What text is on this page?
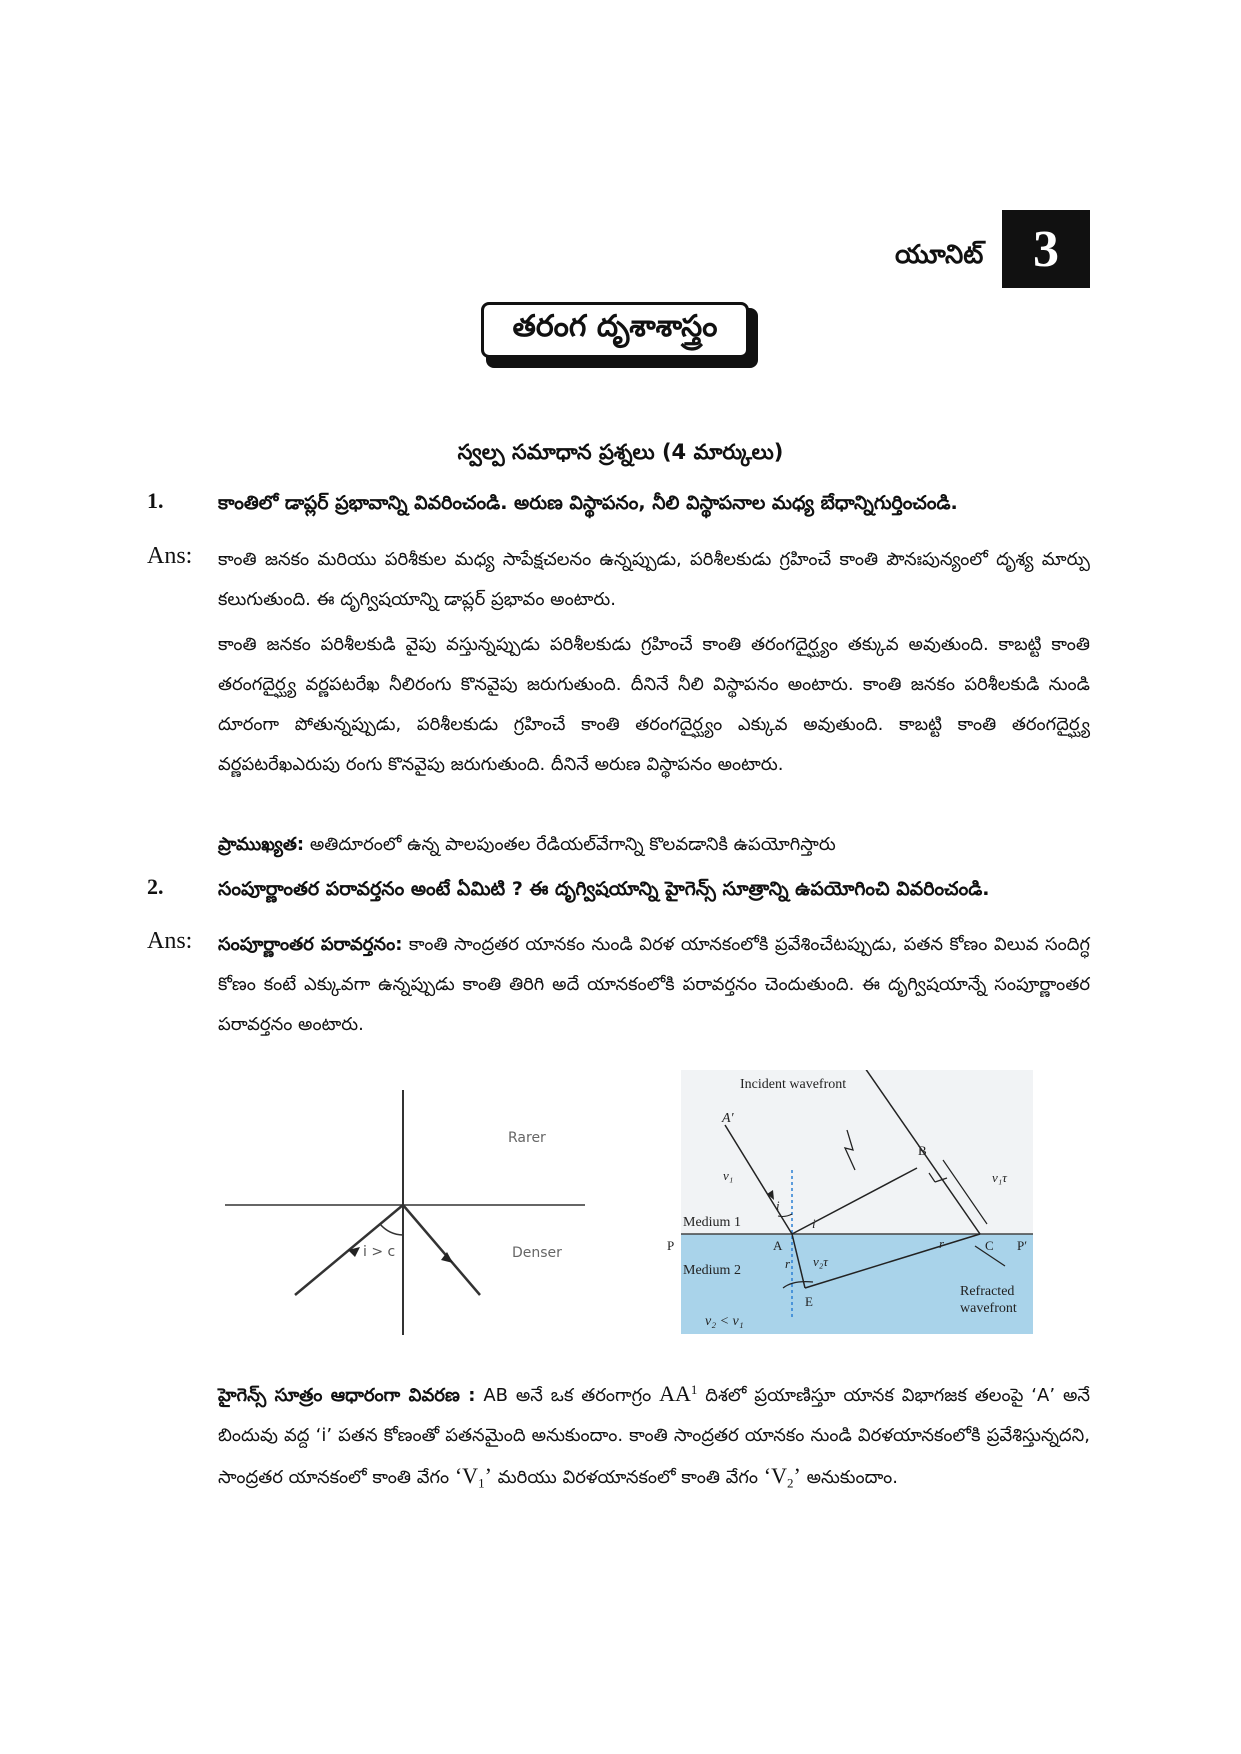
యూనిట్ 3
తరంగ దృశాశాస్త్రం
స్వల్ప సమాధాన ప్రశ్నలు (4 మార్కులు)
1.	కాంతిలో డాప్లర్ ప్రభావాన్ని వివరించండి. అరుణ విస్థాపనం, నీలి విస్థాపనాల మధ్య బేధాన్నిగుర్తించండి.
Ans: కాంతి జనకం మరియు పరిశీకుల మధ్య సాపేక్షచలనం ఉన్నప్పుడు, పరిశీలకుడు గ్రహించే కాంతి పౌనఃపున్యంలో దృశ్య మార్పు కలుగుతుంది. ఈ దృగ్విషయాన్ని డాప్లర్ ప్రభావం అంటారు.

కాంతి జనకం పరిశీలకుడి వైపు వస్తున్నప్పుడు పరిశీలకుడు గ్రహించే కాంతి తరంగదైర్ఘ్యం తక్కువ అవుతుంది. కాబట్టి కాంతి తరంగదైర్ఘ్య వర్ణపటరేఖ నీలిరంగు కొనవైపు జరుగుతుంది. దీనినే నీలి విస్థాపనం అంటారు. కాంతి జనకం పరిశీలకుడి నుండి దూరంగా పోతున్నప్పుడు, పరిశీలకుడు గ్రహించే కాంతి తరంగదైర్ఘ్యం ఎక్కువ అవుతుంది. కాబట్టి కాంతి తరంగదైర్ఘ్య వర్ణపటరేఖఎరుపు రంగు కొనవైపు జరుగుతుంది. దీనినే అరుణ విస్థాపనం అంటారు.

ప్రాముఖ్యత: అతిదూరంలో ఉన్న పాలపుంతల రేడియల్‌వేగాన్ని కొలవడానికి ఉపయోగిస్తారు

2.	సంపూర్ణాంతర పరావర్తనం అంటే ఏమిటి ? ఈ దృగ్విషయాన్ని హైగెన్స్ సూత్రాన్ని ఉపయోగించి వివరించండి.
Ans: సంపూర్ణాంతర పరావర్తనం: కాంతి సాంద్రతర యానకం నుండి విరళ యానకంలోకి ప్రవేశించేటప్పుడు, పతన కోణం విలువ సందిగ్ధ కోణం కంటే ఎక్కువగా ఉన్నప్పుడు కాంతి తిరిగి అదే యానకంలోకి పరావర్తనం చెందుతుంది. ఈ దృగ్విషయాన్నే సంపూర్ణాంతర పరావర్తనం అంటారు.

Rarer
Denser
i > c
Incident wavefront
A′
B
v₁τ
v₁
i
i
Medium 1
P	A
r
r	C P′
Medium 2
v₂τ
E
Refracted
wavefront
v₂ < v₁

హైగెన్స్ సూత్రం ఆధారంగా వివరణ : AB అనే ఒక తరంగాగ్రం $AA^1$ దిశలో ప్రయాణిస్తూ యానక విభాగజక తలంపై ‘A’ అనే బిందువు వద్ద ‘i’ పతన కోణంతో పతనమైంది అనుకుందాం. కాంతి సాంద్రతర యానకం నుండి విరళయానకంలోకి ప్రవేశిస్తున్నదని, సాంద్రతర యానకంలో కాంతి వేగం ‘$V_1$’ మరియు విరళయానకంలో కాంతి వేగం ‘$V_2$’ అనుకుందాం.
